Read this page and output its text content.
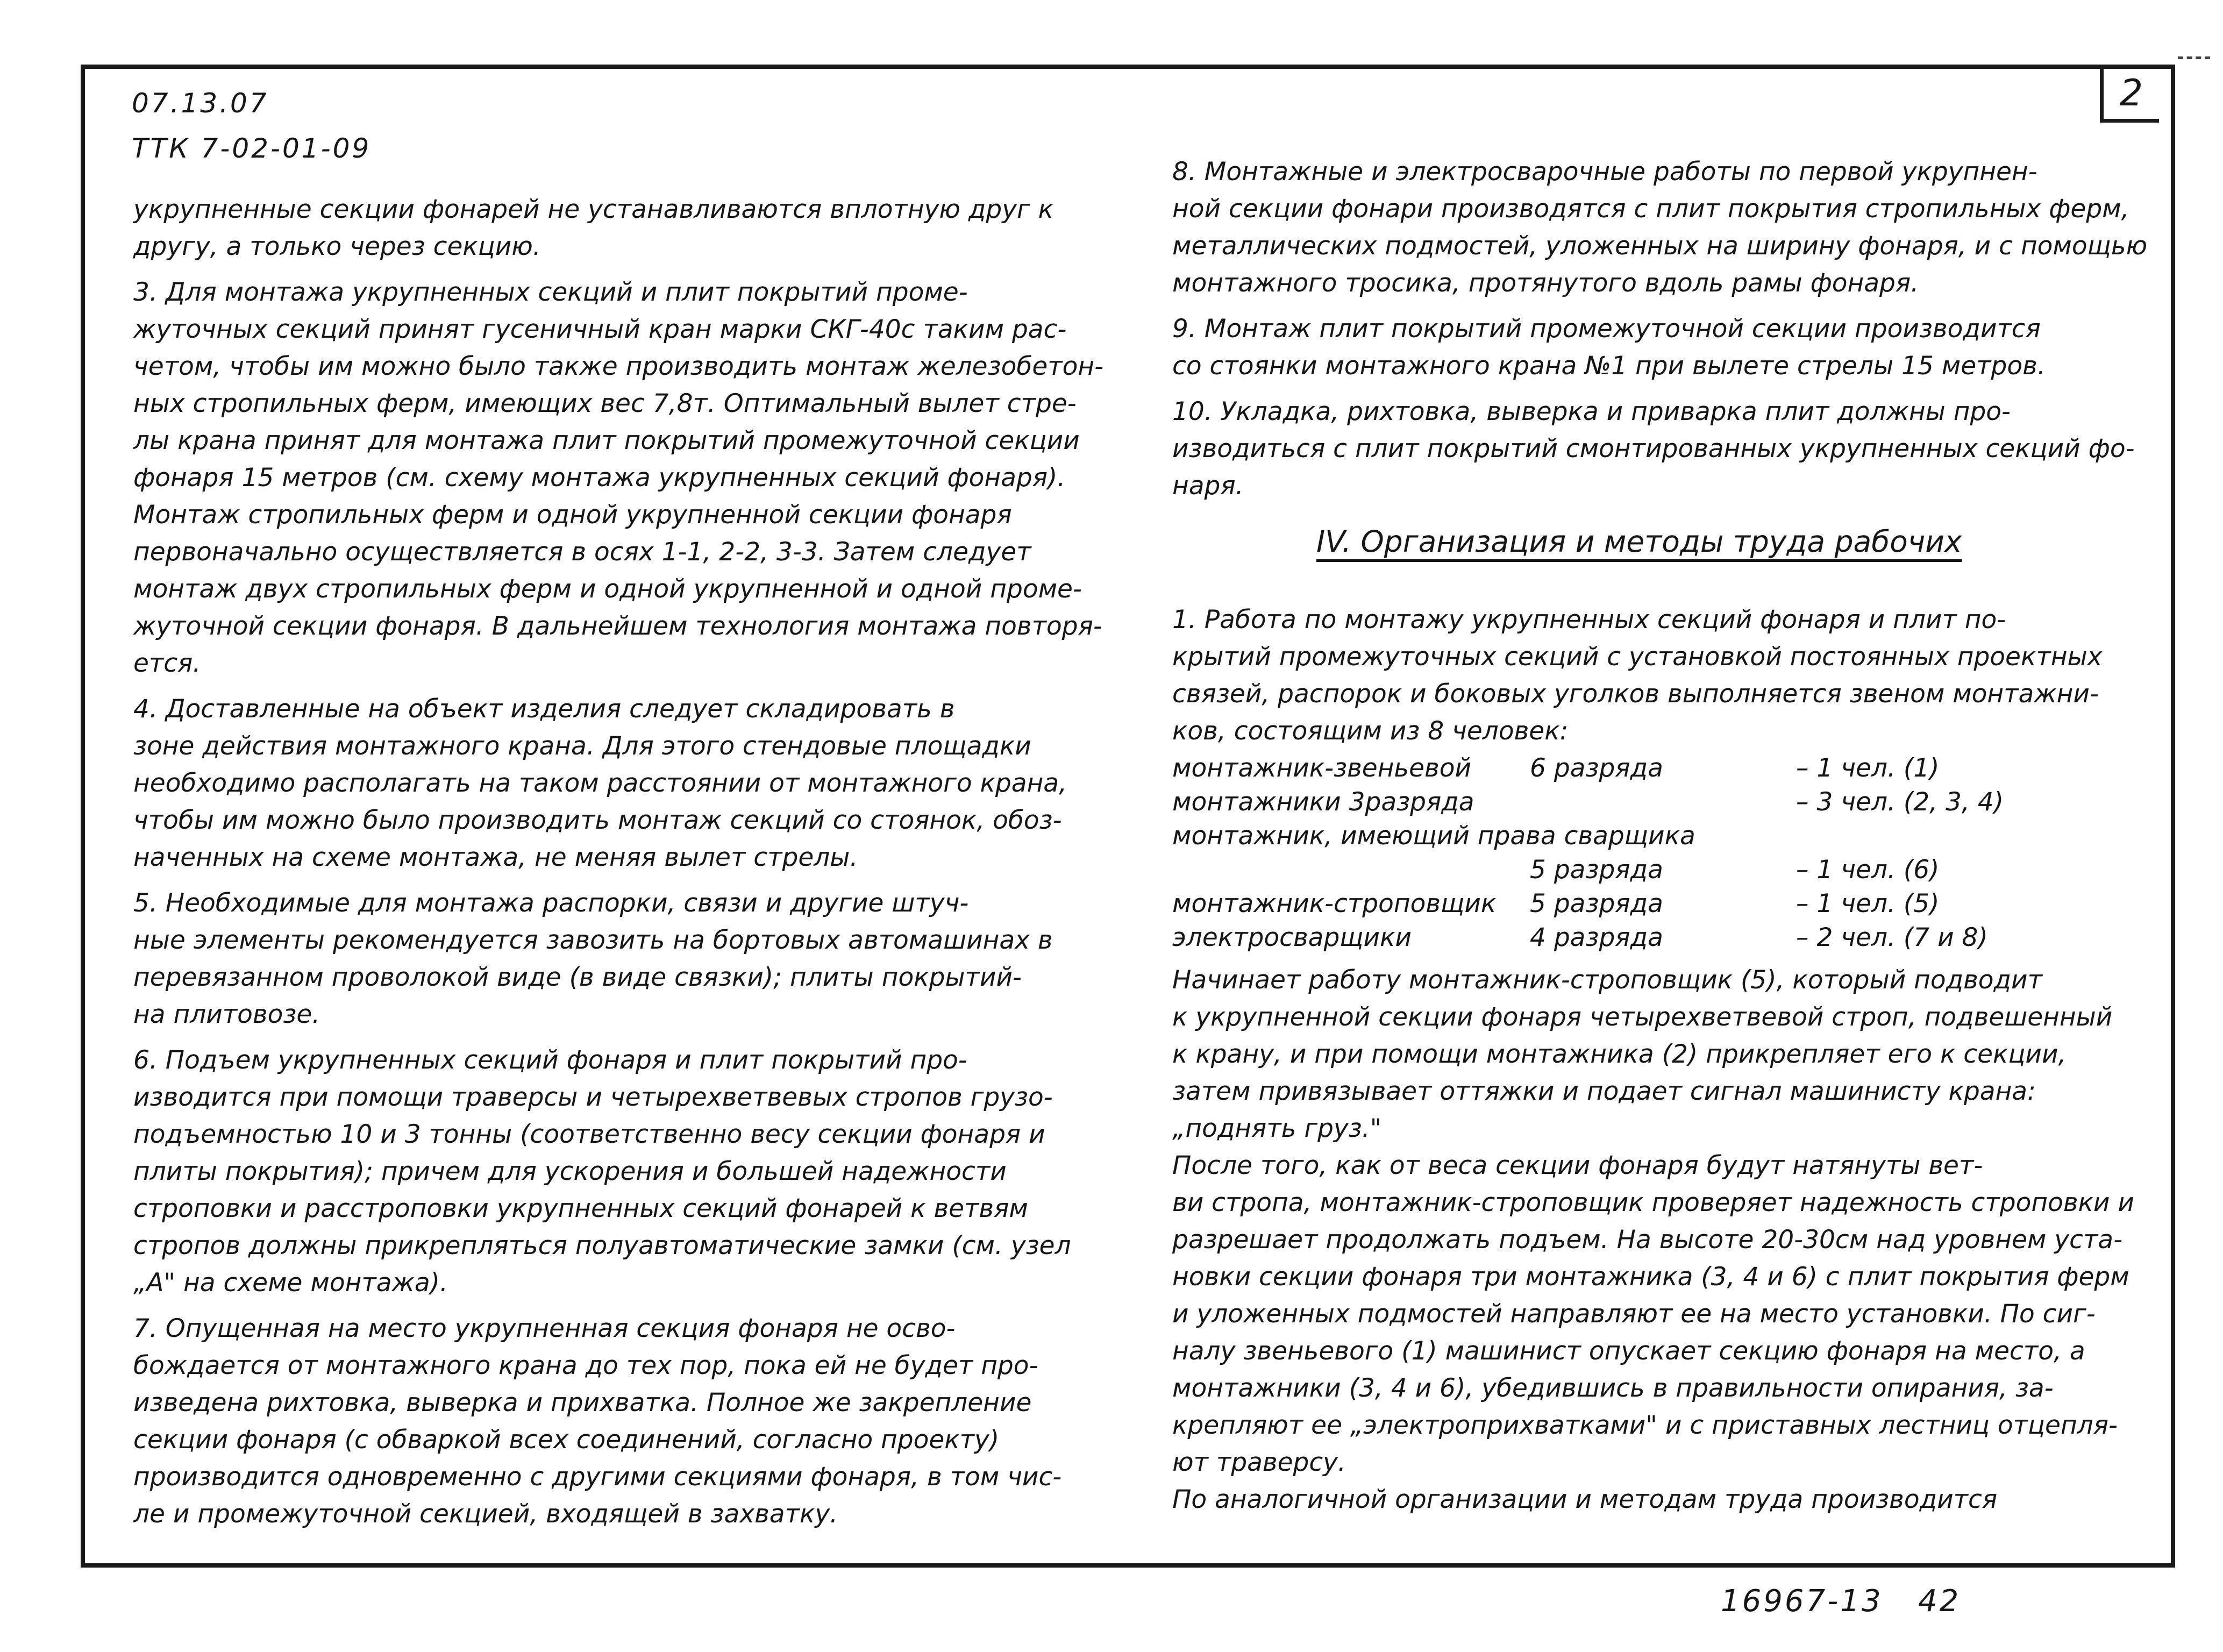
2
07.13.07
ТТК 7-02-01-09

укрупненные секции фонарей не устанавливаются вплотную друг к
другу, а только через секцию.

3. Для монтажа укрупненных секций и плит покрытий проме-
жуточных секций принят гусеничный кран марки СКГ-40с таким рас-
четом, чтобы им можно было также производить монтаж железобетон-
ных стропильных ферм, имеющих вес 7,8т. Оптимальный вылет стре-
лы крана принят для монтажа плит покрытий промежуточной секции
фонаря 15 метров (см. схему монтажа укрупненных секций фонаря).

Монтаж стропильных ферм и одной укрупненной секции фонаря
первоначально осуществляется в осях 1-1, 2-2, 3-3. Затем следует
монтаж двух стропильных ферм и одной укрупненной и одной проме-
жуточной секции фонаря. В дальнейшем технология монтажа повторя-
ется.

4. Доставленные на объект изделия следует складировать в
зоне действия монтажного крана. Для этого стендовые площадки
необходимо располагать на таком расстоянии от монтажного крана,
чтобы им можно было производить монтаж секций со стоянок, обоз-
наченных на схеме монтажа, не меняя вылет стрелы.

5. Необходимые для монтажа распорки, связи и другие штуч-
ные элементы рекомендуется завозить на бортовых автомашинах в
перевязанном проволокой виде (в виде связки); плиты покрытий-
на плитовозе.

6. Подъем укрупненных секций фонаря и плит покрытий про-
изводится при помощи траверсы и четырехветвевых стропов грузо-
подъемностью 10 и 3 тонны (соответственно весу секции фонаря и
плиты покрытия); причем для ускорения и большей надежности
строповки и расстроповки укрупненных секций фонарей к ветвям
стропов должны прикрепляться полуавтоматические замки (см. узел
„А" на схеме монтажа).

7. Опущенная на место укрупненная секция фонаря не осво-
бождается от монтажного крана до тех пор, пока ей не будет про-
изведена рихтовка, выверка и прихватка. Полное же закрепление
секции фонаря (с обваркой всех соединений, согласно проекту)
производится одновременно с другими секциями фонаря, в том чис-
ле и промежуточной секцией, входящей в захватку.

8. Монтажные и электросварочные работы по первой укрупнен-
ной секции фонари производятся с плит покрытия стропильных ферм,
металлических подмостей, уложенных на ширину фонаря, и с помощью
монтажного тросика, протянутого вдоль рамы фонаря.

9. Монтаж плит покрытий промежуточной секции производится
со стоянки монтажного крана №1 при вылете стрелы 15 метров.

10. Укладка, рихтовка, выверка и приварка плит должны про-
изводиться с плит покрытий смонтированных укрупненных секций фо-
наря.

IV. Организация и методы труда рабочих

1. Работа по монтажу укрупненных секций фонаря и плит по-
крытий промежуточных секций с установкой постоянных проектных
связей, распорок и боковых уголков выполняется звеном монтажни-
ков, состоящим из 8 человек:

монтажник-звеньевой 6 разряда	– 1 чел. (1)
монтажники 3разряда	– 3 чел. (2, 3, 4)
монтажник, имеющий права сварщика
5 разряда	– 1 чел. (6)
монтажник-строповщик 5 разряда	– 1 чел. (5)
электросварщики	4 разряда	– 2 чел. (7 и 8)

Начинает работу монтажник-строповщик (5), который подводит
к укрупненной секции фонаря четырехветвевой строп, подвешенный
к крану, и при помощи монтажника (2) прикрепляет его к секции,
затем привязывает оттяжки и подает сигнал машинисту крана:
„поднять груз."

После того, как от веса секции фонаря будут натянуты вет-
ви стропа, монтажник-строповщик проверяет надежность строповки и
разрешает продолжать подъем. На высоте 20-30см над уровнем уста-
новки секции фонаря три монтажника (3, 4 и 6) с плит покрытия ферм
и уложенных подмостей направляют ее на место установки. По сиг-
налу звеньевого (1) машинист опускает секцию фонаря на место, а
монтажники (3, 4 и 6), убедившись в правильности опирания, за-
крепляют ее „электроприхватками" и с приставных лестниц отцепля-
ют траверсу.

По аналогичной организации и методам труда производится

16967-13 42
